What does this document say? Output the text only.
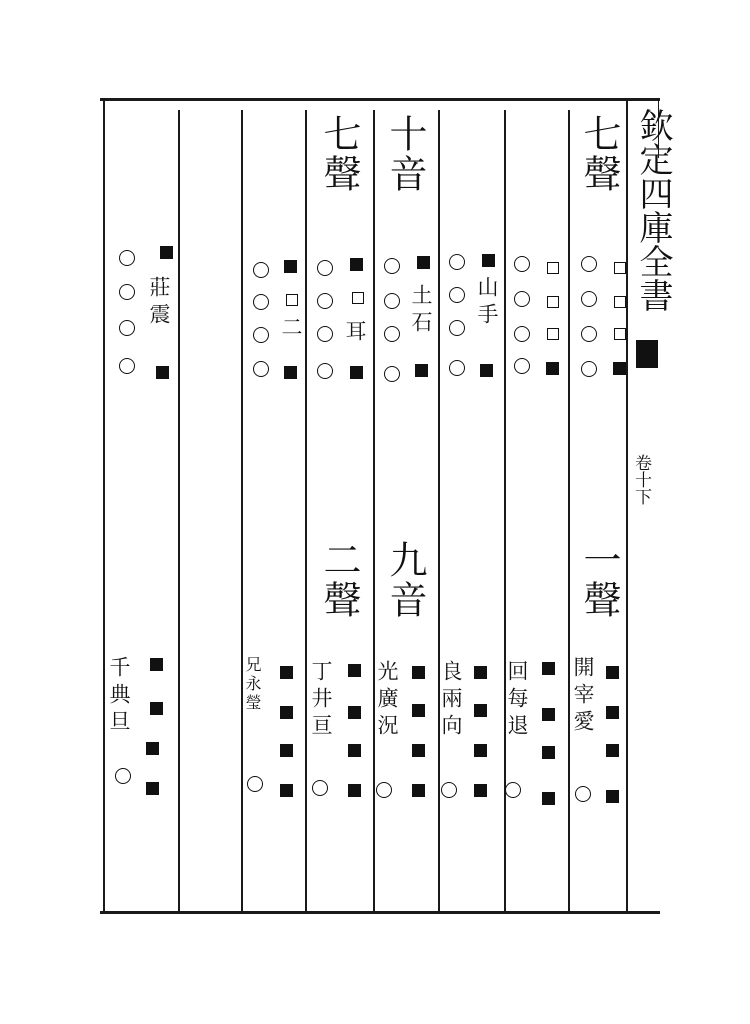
欽定四庫全書
卷十下
七聲
十音
七聲
一聲
九音
二聲
山手
土石
耳
二
莊震
開宰愛
回每退
良兩向
光廣況
丁井亘
兄永瑩
千典旦
